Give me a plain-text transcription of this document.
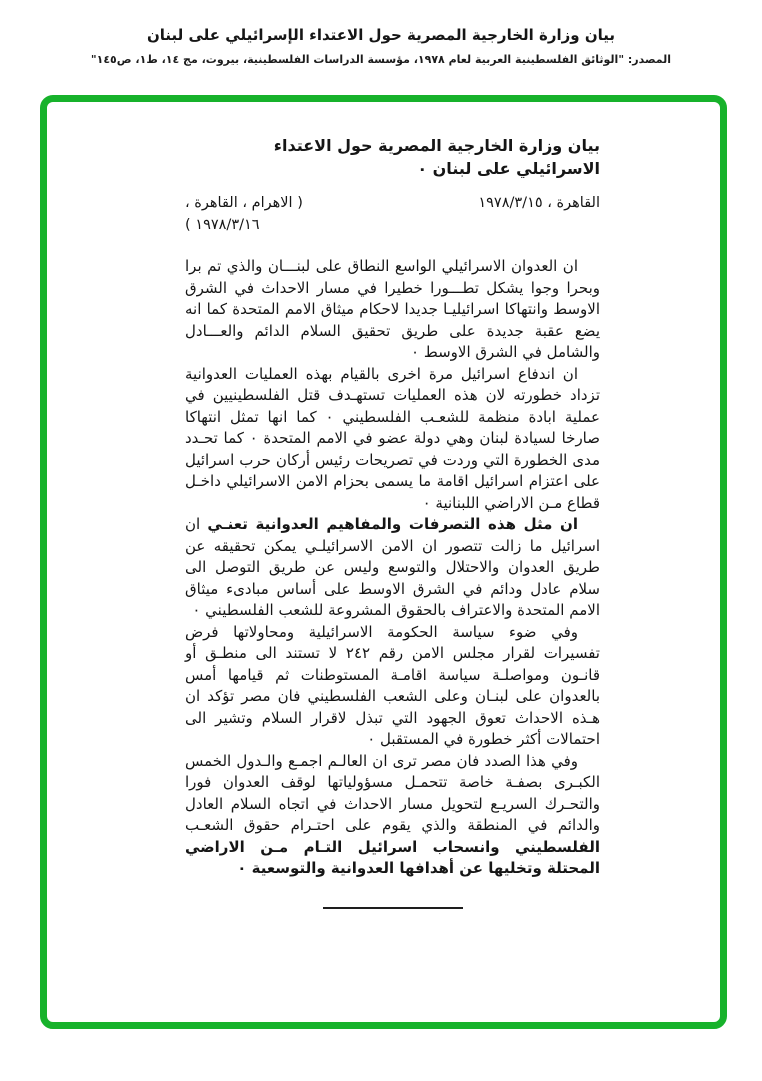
بيان وزارة الخارجية المصرية حول الاعتداء الإسرائيلي على لبنان
المصدر: "الوثائق الفلسطينية العربية لعام ١٩٧٨، مؤسسة الدراسات الفلسطينية، بيروت، مج ١٤، ط١، ص١٤٥"
بيان وزارة الخارجية المصرية حول الاعتداء الاسرائيلي على لبنان ٠
القاهرة ، ١٩٧٨/٣/١٥
( الاهرام ، القاهرة ، ١٩٧٨/٣/١٦ )

ان العدوان الاسرائيلي الواسع النطاق على لبنـــان والذي تم برا وبحرا وجوا يشكل تطـــورا خطيرا في مسار الاحداث في الشرق الاوسط وانتهاكا اسرائيليـا جديدا لاحكام ميثاق الامم المتحدة كما انه يضع عقبة جديدة على طريق تحقيق السلام الدائم والعـــادل والشامل في الشرق الاوسط ٠

ان اندفاع اسرائيل مرة اخرى بالقيام بهذه العمليات العدوانية تزداد خطورته لان هذه العمليات تستهـدف قتل الفلسطينيين في عملية ابادة منظمة للشعـب الفلسطيني ٠ كما انها تمثل انتهاكا صارخا لسيادة لبنان وهي دولة عضو في الامم المتحدة ٠ كما تحـدد مدى الخطورة التي وردت في تصريحات رئيس أركان حرب اسرائيل على اعتزام اسرائيل اقامة ما يسمى بحزام الامن الاسرائيلي داخـل قطاع مـن الاراضي اللبنانية ٠

ان مثل هذه التصرفات والمفاهيم العدوانية تعنـي ان اسرائيل ما زالت تتصور ان الامن الاسرائيلـي يمكن تحقيقه عن طريق العدوان والاحتلال والتوسع وليس عن طريق التوصل الى سلام عادل ودائم في الشرق الاوسط على أساس مبادىء ميثاق الامم المتحدة والاعتراف بالحقوق المشروعة للشعب الفلسطيني ٠

وفي ضوء سياسة الحكومة الاسرائيلية ومحاولاتها فرض تفسيرات لقرار مجلس الامن رقم ٢٤٢ لا تستند الى منطـق أو قانـون ومواصلـة سياسة اقامـة المستوطنات ثم قيامها أمس بالعدوان على لبنـان وعلى الشعب الفلسطيني فان مصر تؤكد ان هـذه الاحداث تعوق الجهود التي تبذل لاقرار السلام وتشير الى احتمالات أكثر خطورة في المستقبل ٠

وفي هذا الصدد فان مصر ترى ان العالـم اجمـع والـدول الخمس الكبـرى بصفـة خاصة تتحمـل مسؤولياتها لوقف العدوان فورا والتحـرك السريـع لتحويل مسار الاحداث في اتجاه السلام العادل والدائم في المنطقة والذي يقوم على احتـرام حقوق الشعـب الفلسطيني وانسحاب اسرائيل التـام مـن الاراضي المحتلة وتخليها عن أهدافها العدوانية والتوسعية ٠
